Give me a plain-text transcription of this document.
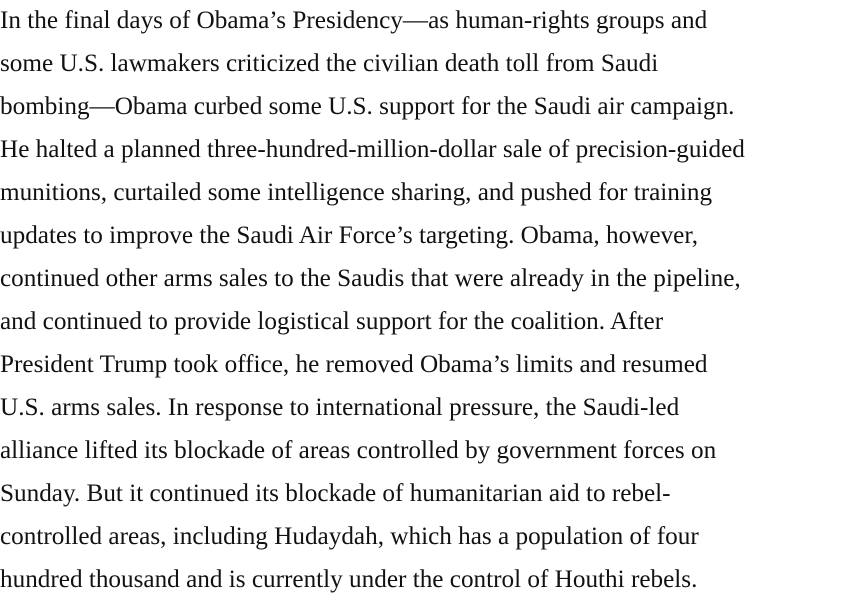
In the final days of Obama’s Presidency—as human-rights groups and
some U.S. lawmakers criticized the civilian death toll from Saudi
bombing—Obama curbed some U.S. support for the Saudi air campaign.
He halted a planned three-hundred-million-dollar sale of precision-guided
munitions, curtailed some intelligence sharing, and pushed for training
updates to improve the Saudi Air Force’s targeting. Obama, however,
continued other arms sales to the Saudis that were already in the pipeline,
and continued to provide logistical support for the coalition. After
President Trump took office, he removed Obama’s limits and resumed
U.S. arms sales. In response to international pressure, the Saudi-led
alliance lifted its blockade of areas controlled by government forces on
Sunday. But it continued its blockade of humanitarian aid to rebel-
controlled areas, including Hudaydah, which has a population of four
hundred thousand and is currently under the control of Houthi rebels.
